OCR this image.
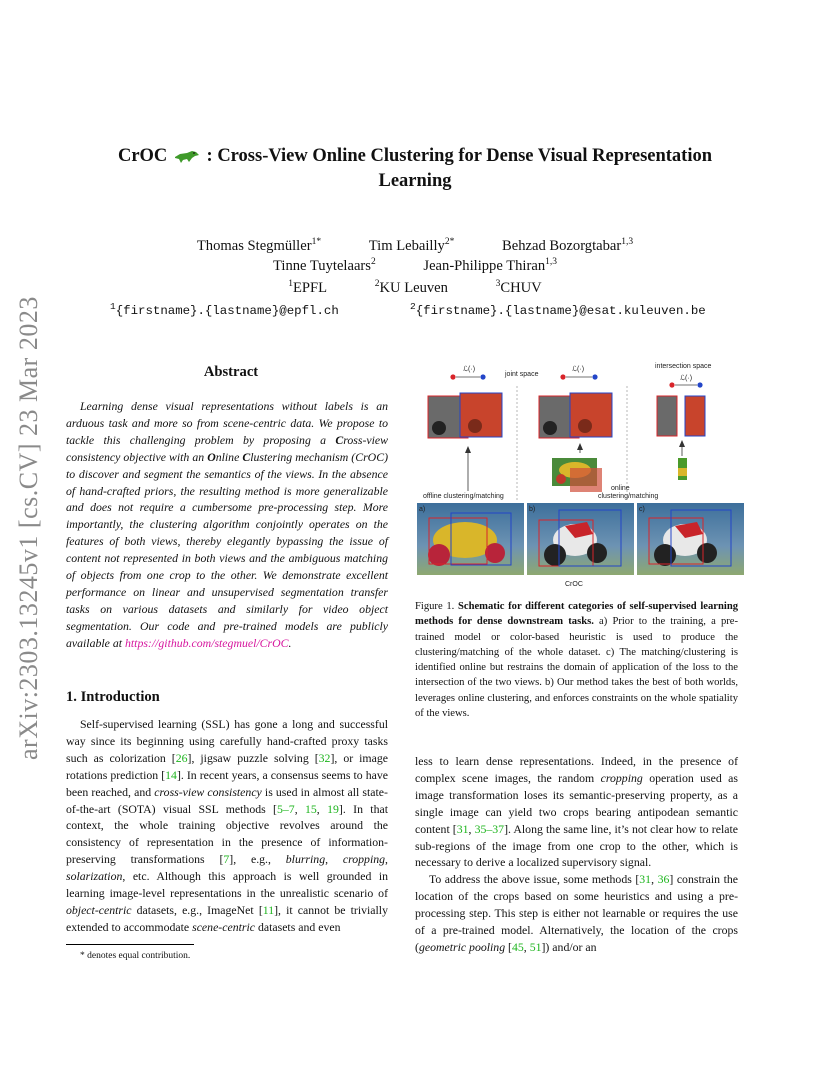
arXiv:2303.13245v1 [cs.CV] 23 Mar 2023
CrOC : Cross-View Online Clustering for Dense Visual Representation
Learning
Thomas Stegmüller$^{1*}$	Tim Lebailly$^{2*}$	Behzad Bozorgtabar$^{1,3}$
Tinne Tuytelaars$^2$	Jean-Philippe Thiran$^{1,3}$
$^1$EPFL	$^2$KU Leuven	$^3$CHUV
$^1${firstname}.{lastname}@epfl.ch	$^2${firstname}.{lastname}@esat.kuleuven.be
Abstract
Learning dense visual representations without labels is an arduous task and more so from scene-centric data. We propose to tackle this challenging problem by proposing a Cross-view consistency objective with an Online Clustering mechanism (CrOC) to discover and segment the semantics of the views. In the absence of hand-crafted priors, the resulting method is more generalizable and does not require a cumbersome pre-processing step. More importantly, the clustering algorithm conjointly operates on the features of both views, thereby elegantly bypassing the issue of content not represented in both views and the ambiguous matching of objects from one crop to the other. We demonstrate excellent performance on linear and unsupervised segmentation transfer tasks on various datasets and similarly for video object segmentation. Our code and pre-trained models are publicly available at https://github.com/stegmuel/CrOC.
1. Introduction
Self-supervised learning (SSL) has gone a long and successful way since its beginning using carefully hand-crafted proxy tasks such as colorization [26], jigsaw puzzle solving [32], or image rotations prediction [14]. In recent years, a consensus seems to have been reached, and cross-view consistency is used in almost all state-of-the-art (SOTA) visual SSL methods [5–7, 15, 19]. In that context, the whole training objective revolves around the consistency of representation in the presence of information-preserving transformations [7], e.g., blurring, cropping, solarization, etc. Although this approach is well grounded in learning image-level representations in the unrealistic scenario of object-centric datasets, e.g., ImageNet [11], it cannot be trivially extended to accommodate scene-centric datasets and even
* denotes equal contribution.
ℒ(·)
joint space
ℒ(·)	intersection space
ℒ(·)
online
clustering/matching
offline clustering/matching
a)	b)	c)
CrOC
Figure 1. Schematic for different categories of self-supervised learning methods for dense downstream tasks. a) Prior to the training, a pre-trained model or color-based heuristic is used to produce the clustering/matching of the whole dataset. c) The matching/clustering is identified online but restrains the domain of application of the loss to the intersection of the two views. b) Our method takes the best of both worlds, leverages online clustering, and enforces constraints on the whole spatiality of the views.

less to learn dense representations. Indeed, in the presence of complex scene images, the random cropping operation used as image transformation loses its semantic-preserving property, as a single image can yield two crops bearing antipodean semantic content [31, 35–37]. Along the same line, it’s not clear how to relate sub-regions of the image from one crop to the other, which is necessary to derive a localized supervisory signal.

To address the above issue, some methods [31, 36] constrain the location of the crops based on some heuristics and using a pre-processing step. This step is either not learnable or requires the use of a pre-trained model. Alternatively, the location of the crops (geometric pooling [45, 51]) and/or an
